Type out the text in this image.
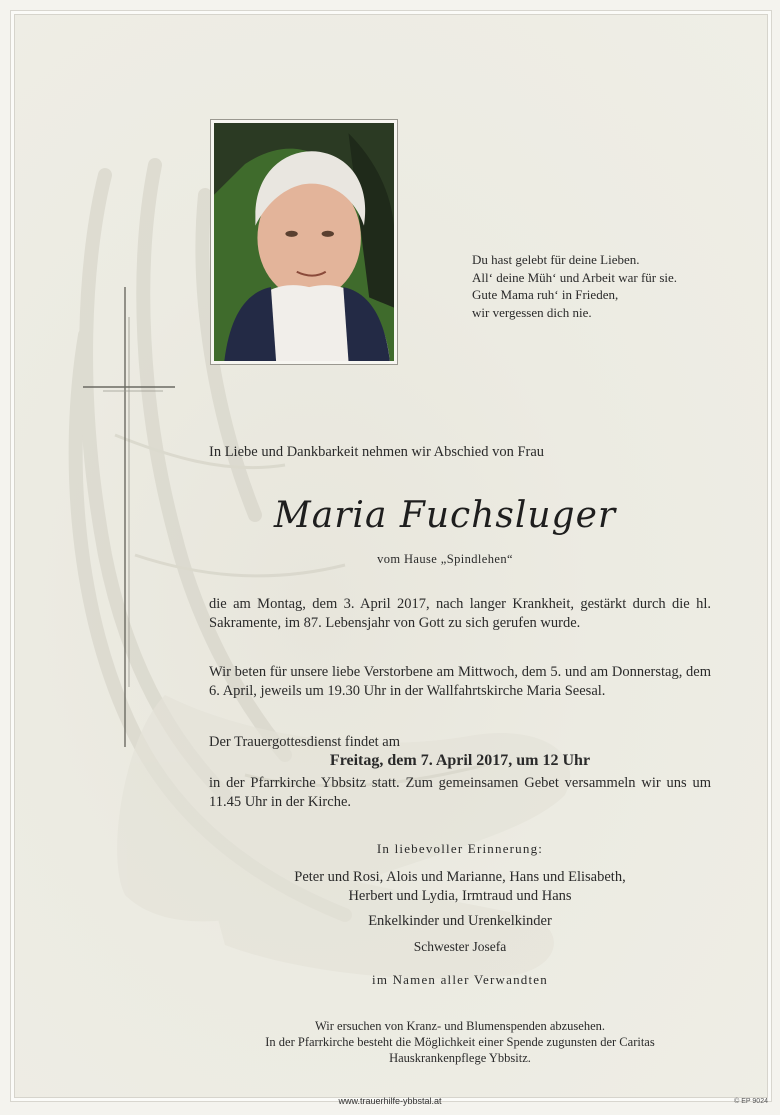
Du hast gelebt für deine Lieben.
All‘ deine Müh‘ und Arbeit war für sie.
Gute Mama ruh‘ in Frieden,
wir vergessen dich nie.
In Liebe und Dankbarkeit nehmen wir Abschied von Frau
Maria Fuchsluger
vom Hause „Spindlehen“
die am Montag, dem 3. April 2017, nach langer Krankheit, gestärkt durch die hl. Sakramente, im 87. Lebensjahr von Gott zu sich gerufen wurde.
Wir beten für unsere liebe Verstorbene am Mittwoch, dem 5. und am Donnerstag, dem 6. April, jeweils um 19.30 Uhr in der Wallfahrtskirche Maria Seesal.
Der Trauergottesdienst findet am
Freitag, dem 7. April 2017, um 12 Uhr
in der Pfarrkirche Ybbsitz statt. Zum gemeinsamen Gebet versammeln wir uns um 11.45 Uhr in der Kirche.
In liebevoller Erinnerung:
Peter und Rosi, Alois und Marianne, Hans und Elisabeth,
Herbert und Lydia, Irmtraud und Hans
Enkelkinder und Urenkelkinder
Schwester Josefa
im Namen aller Verwandten
Wir ersuchen von Kranz- und Blumenspenden abzusehen.
In der Pfarrkirche besteht die Möglichkeit einer Spende zugunsten der Caritas
Hauskrankenpflege Ybbsitz.
www.trauerhilfe-ybbstal.at	© EP 9024
